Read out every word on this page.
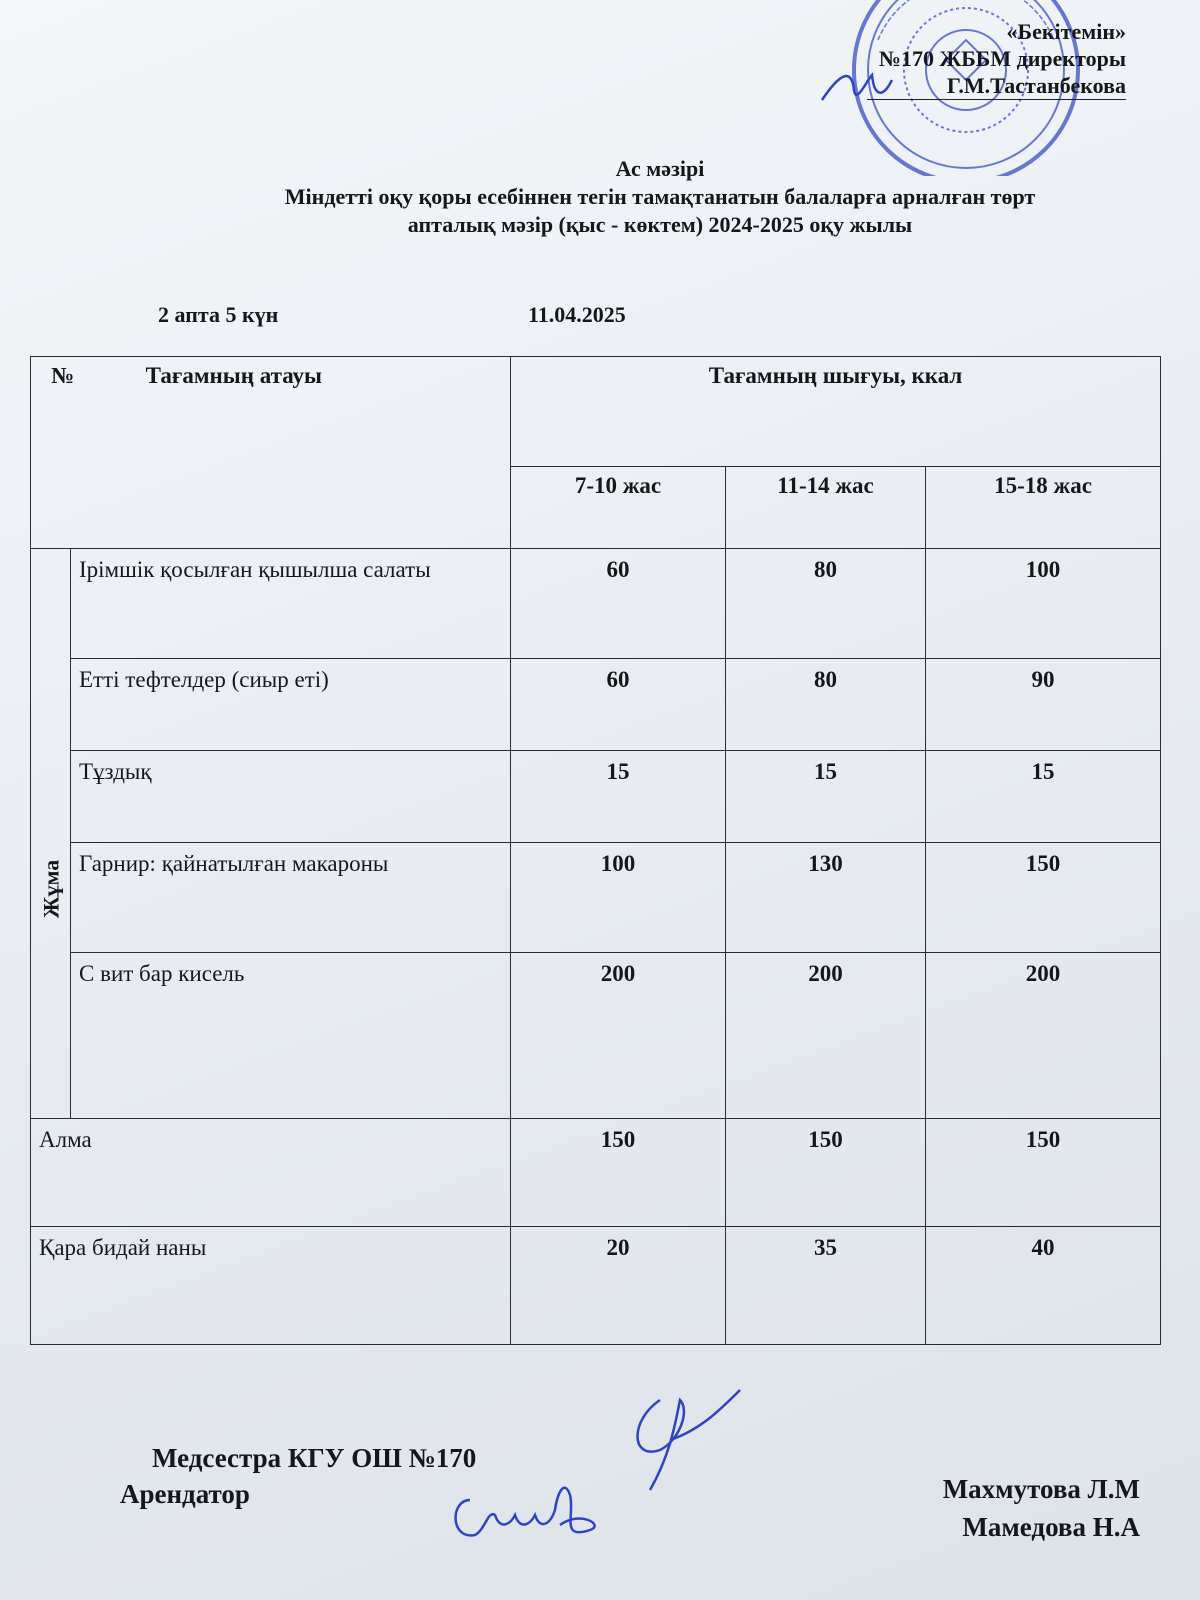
«Бекітемін»
№170 ЖББМ директоры
Г.М.Тастанбекова
Ас мәзірі
Міндетті оқу қоры есебіннен тегін тамақтанатын балаларға арналған төрт
апталық мәзір (қыс - көктем) 2024-2025 оқу жылы
2 апта 5 күн	11.04.2025
№ Тағамның атауы		Тағамның шығуы, ккал		
		7-10 жас	11-14 жас	15-18 жас

Жұма	Ірімшік қосылған қышылша салаты	60	80	100
	Етті тефтелдер (сиыр еті)	60	80	90
	Тұздық	15	15	15
	Гарнир: қайнатылған макароны	100	130	150
	С вит бар кисель	200	200	200
Алма		150	150	150
Қара бидай наны		20	35	40
Медсестра КГУ ОШ №170
Арендатор	Махмутова Л.М
Мамедова Н.А
